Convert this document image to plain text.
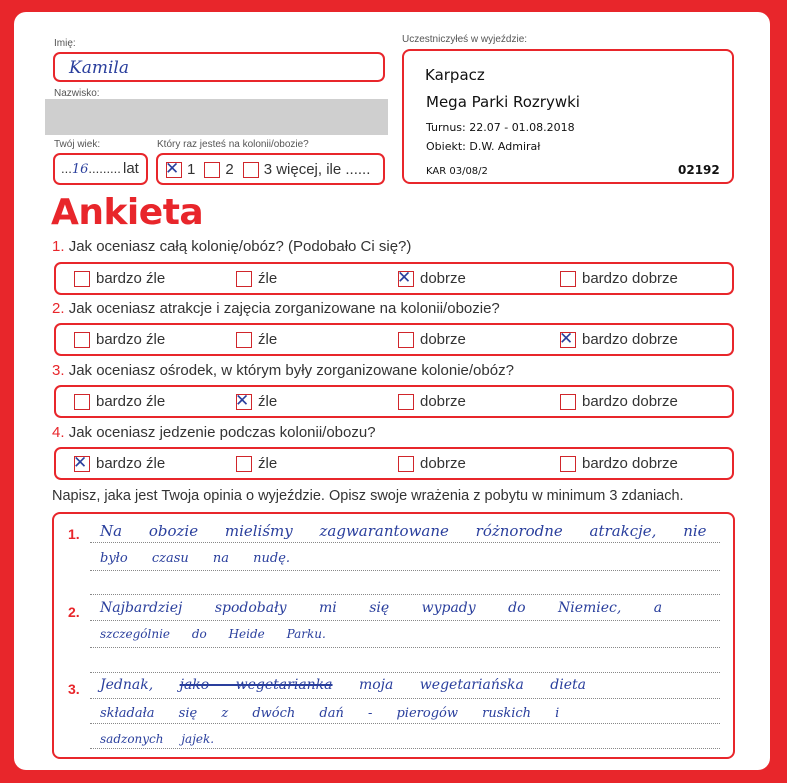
Imię:
Kamila
Nazwisko:
Twój wiek:
...16......... lat
Który raz jesteś na kolonii/obozie?
✕ 1 2 3 więcej, ile ......
Uczestniczyłeś w wyjeździe:
Karpacz
Mega Parki Rozrywki
Turnus: 22.07 - 01.08.2018
Obiekt: D.W. Admirał
KAR 03/08/2	02192
Ankieta
1. Jak oceniasz całą kolonię/obóz? (Podobało Ci się?)
bardzo źle	źle	✕ dobrze	bardzo dobrze
2. Jak oceniasz atrakcje i zajęcia zorganizowane na kolonii/obozie?
bardzo źle	źle	dobrze	✕ bardzo dobrze
3. Jak oceniasz ośrodek, w którym były zorganizowane kolonie/obóz?
bardzo źle	✕ źle	dobrze	bardzo dobrze
4. Jak oceniasz jedzenie podczas kolonii/obozu?
✕ bardzo źle	źle	dobrze	bardzo dobrze
Napisz, jaka jest Twoja opinia o wyjeździe. Opisz swoje wrażenia z pobytu w minimum 3 zdaniach.
1. Na obozie mieliśmy zagwarantowane różnorodne atrakcje, nie
było czasu na nudę.
2. Najbardziej spodobały mi się wypady do Niemiec, a
szczególnie do Heide Parku.
3. Jednak, jako wegetarianka moja wegetariańska dieta
składała się z dwóch dań - pierogów ruskich i
sadzonych jajek.
